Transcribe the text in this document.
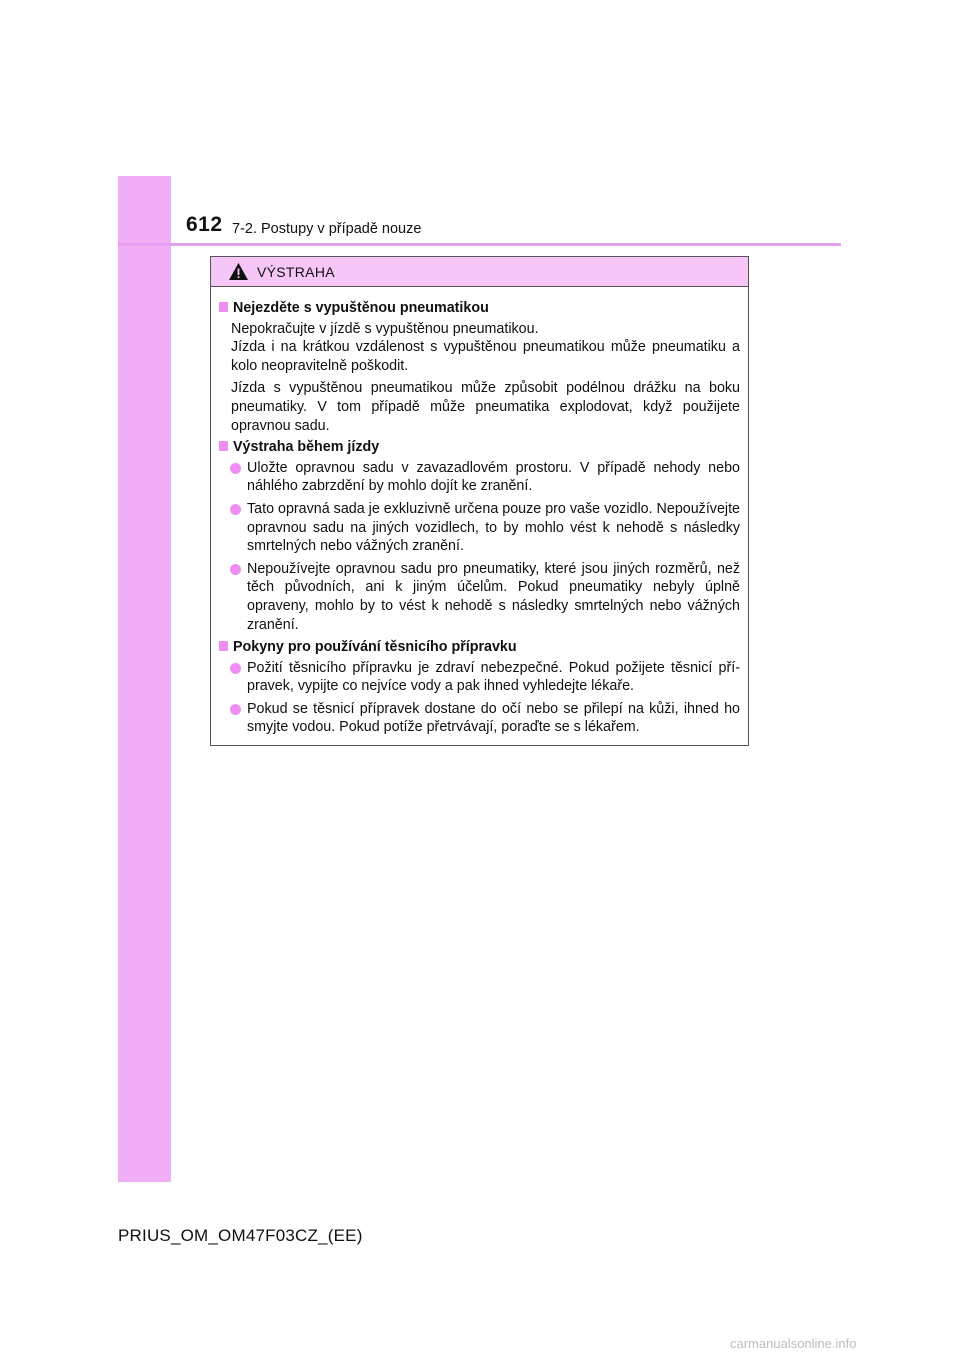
612 7-2. Postupy v případě nouze
VÝSTRAHA
Nejezděte s vypuštěnou pneumatikou
Nepokračujte v jízdě s vypuštěnou pneumatikou.
Jízda i na krátkou vzdálenost s vypuštěnou pneumatikou může pneumatiku a kolo neopravitelně poškodit.
Jízda s vypuštěnou pneumatikou může způsobit podélnou drážku na boku pneumatiky. V tom případě může pneumatika explodovat, když použijete opravnou sadu.
Výstraha během jízdy
Uložte opravnou sadu v zavazadlovém prostoru. V případě nehody nebo náhlého zabrzdění by mohlo dojít ke zranění.
Tato opravná sada je exkluzivně určena pouze pro vaše vozidlo. Nepoužívejte opravnou sadu na jiných vozidlech, to by mohlo vést k nehodě s následky smrtelných nebo vážných zranění.
Nepoužívejte opravnou sadu pro pneumatiky, které jsou jiných rozměrů, než těch původních, ani k jiným účelům. Pokud pneumatiky nebyly úplně opraveny, mohlo by to vést k nehodě s následky smrtelných nebo vážných zranění.
Pokyny pro používání těsnicího přípravku
Požití těsnicího přípravku je zdraví nebezpečné. Pokud požijete těsnicí pří- pravek, vypijte co nejvíce vody a pak ihned vyhledejte lékaře.
Pokud se těsnicí přípravek dostane do očí nebo se přilepí na kůži, ihned ho smyjte vodou. Pokud potíže přetrvávají, poraďte se s lékařem.
PRIUS_OM_OM47F03CZ_(EE)
carmanualsonline.info
